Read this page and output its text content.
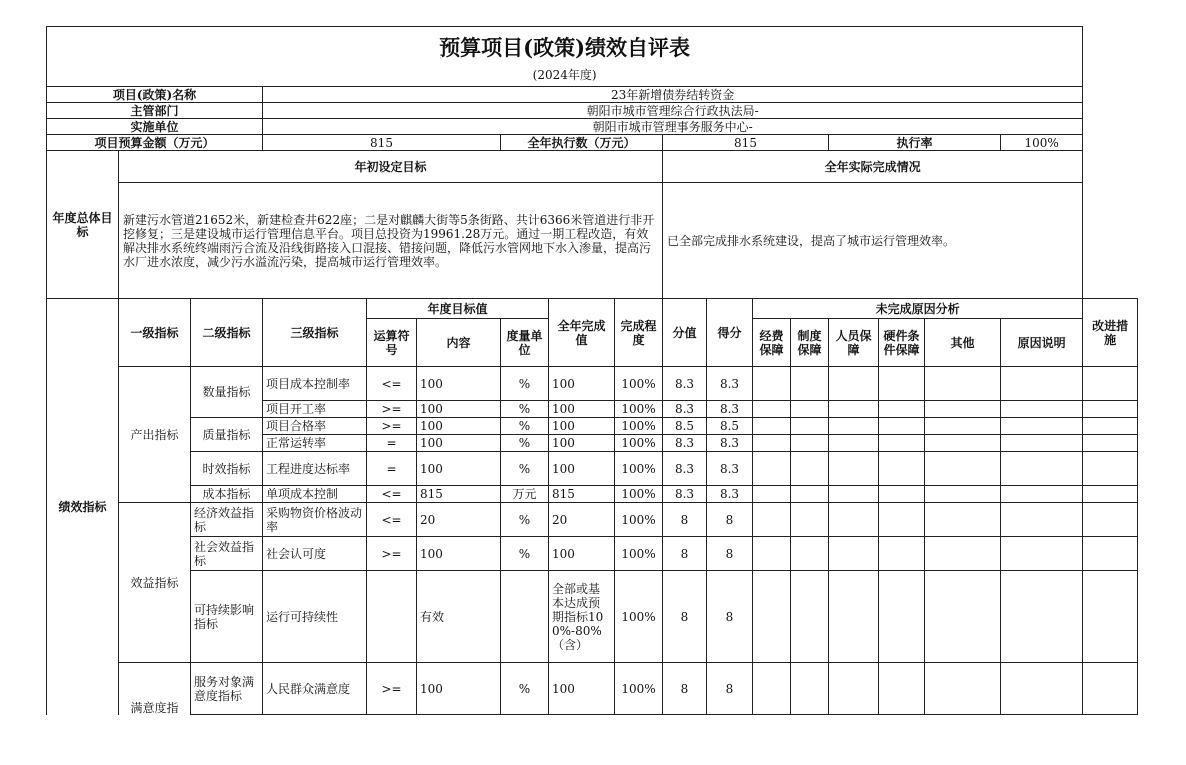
预算项目(政策)绩效自评表																	

(2024年度)																	
项目(政策)名称			23年新增债券结转资金														
主管部门			朝阳市城市管理综合行政执法局-														
实施单位			朝阳市城市管理事务服务中心-														
项目预算金额（万元）			815			全年执行数（万元）			815				执行率			100%	
年度总体目标	年初设定目标								全年实际完成情况								
	新建污水管道21652米，新建检查井622座；二是对麒麟大街等5条街路、共计6366米管道进行非开挖修复；三是建设城市运行管理信息平台。项目总投资为19961.28万元。通过一期工程改造，有效解决排水系统终端雨污合流及沿线街路接入口混接、错接问题，降低污水管网地下水入渗量，提高污水厂进水浓度，减少污水溢流污染，提高城市运行管理效率。								已全部完成排水系统建设，提高了城市运行管理效率。								
绩效指标	一级指标	二级指标	三级指标	年度目标值			全年完成值	完成程度	分值	得分	未完成原因分析						改进措施
				运算符号	内容	度量单位					经费保障	制度保障	人员保障	硬件条件保障	其他	原因说明	
	产出指标	数量指标	项目成本控制率	<=	100	%	100	100%	8.3	8.3							
			项目开工率	>=	100	%	100	100%	8.3	8.3							
		质量指标	项目合格率	>=	100	%	100	100%	8.5	8.5							
			正常运转率	=	100	%	100	100%	8.3	8.3							
		时效指标	工程进度达标率	=	100	%	100	100%	8.3	8.3							
		成本指标	单项成本控制	<=	815	万元	815	100%	8.3	8.3							
	效益指标	经济效益指标	采购物资价格波动率	<=	20	%	20	100%	8	8							
		社会效益指标	社会认可度	>=	100	%	100	100%	8	8							
		可持续影响指标	运行可持续性		有效		全部或基本达成预期指标100%-80%（含）	100%	8	8							
	满意度指	服务对象满意度指标	人民群众满意度	>=	100	%	100	100%	8	8							
